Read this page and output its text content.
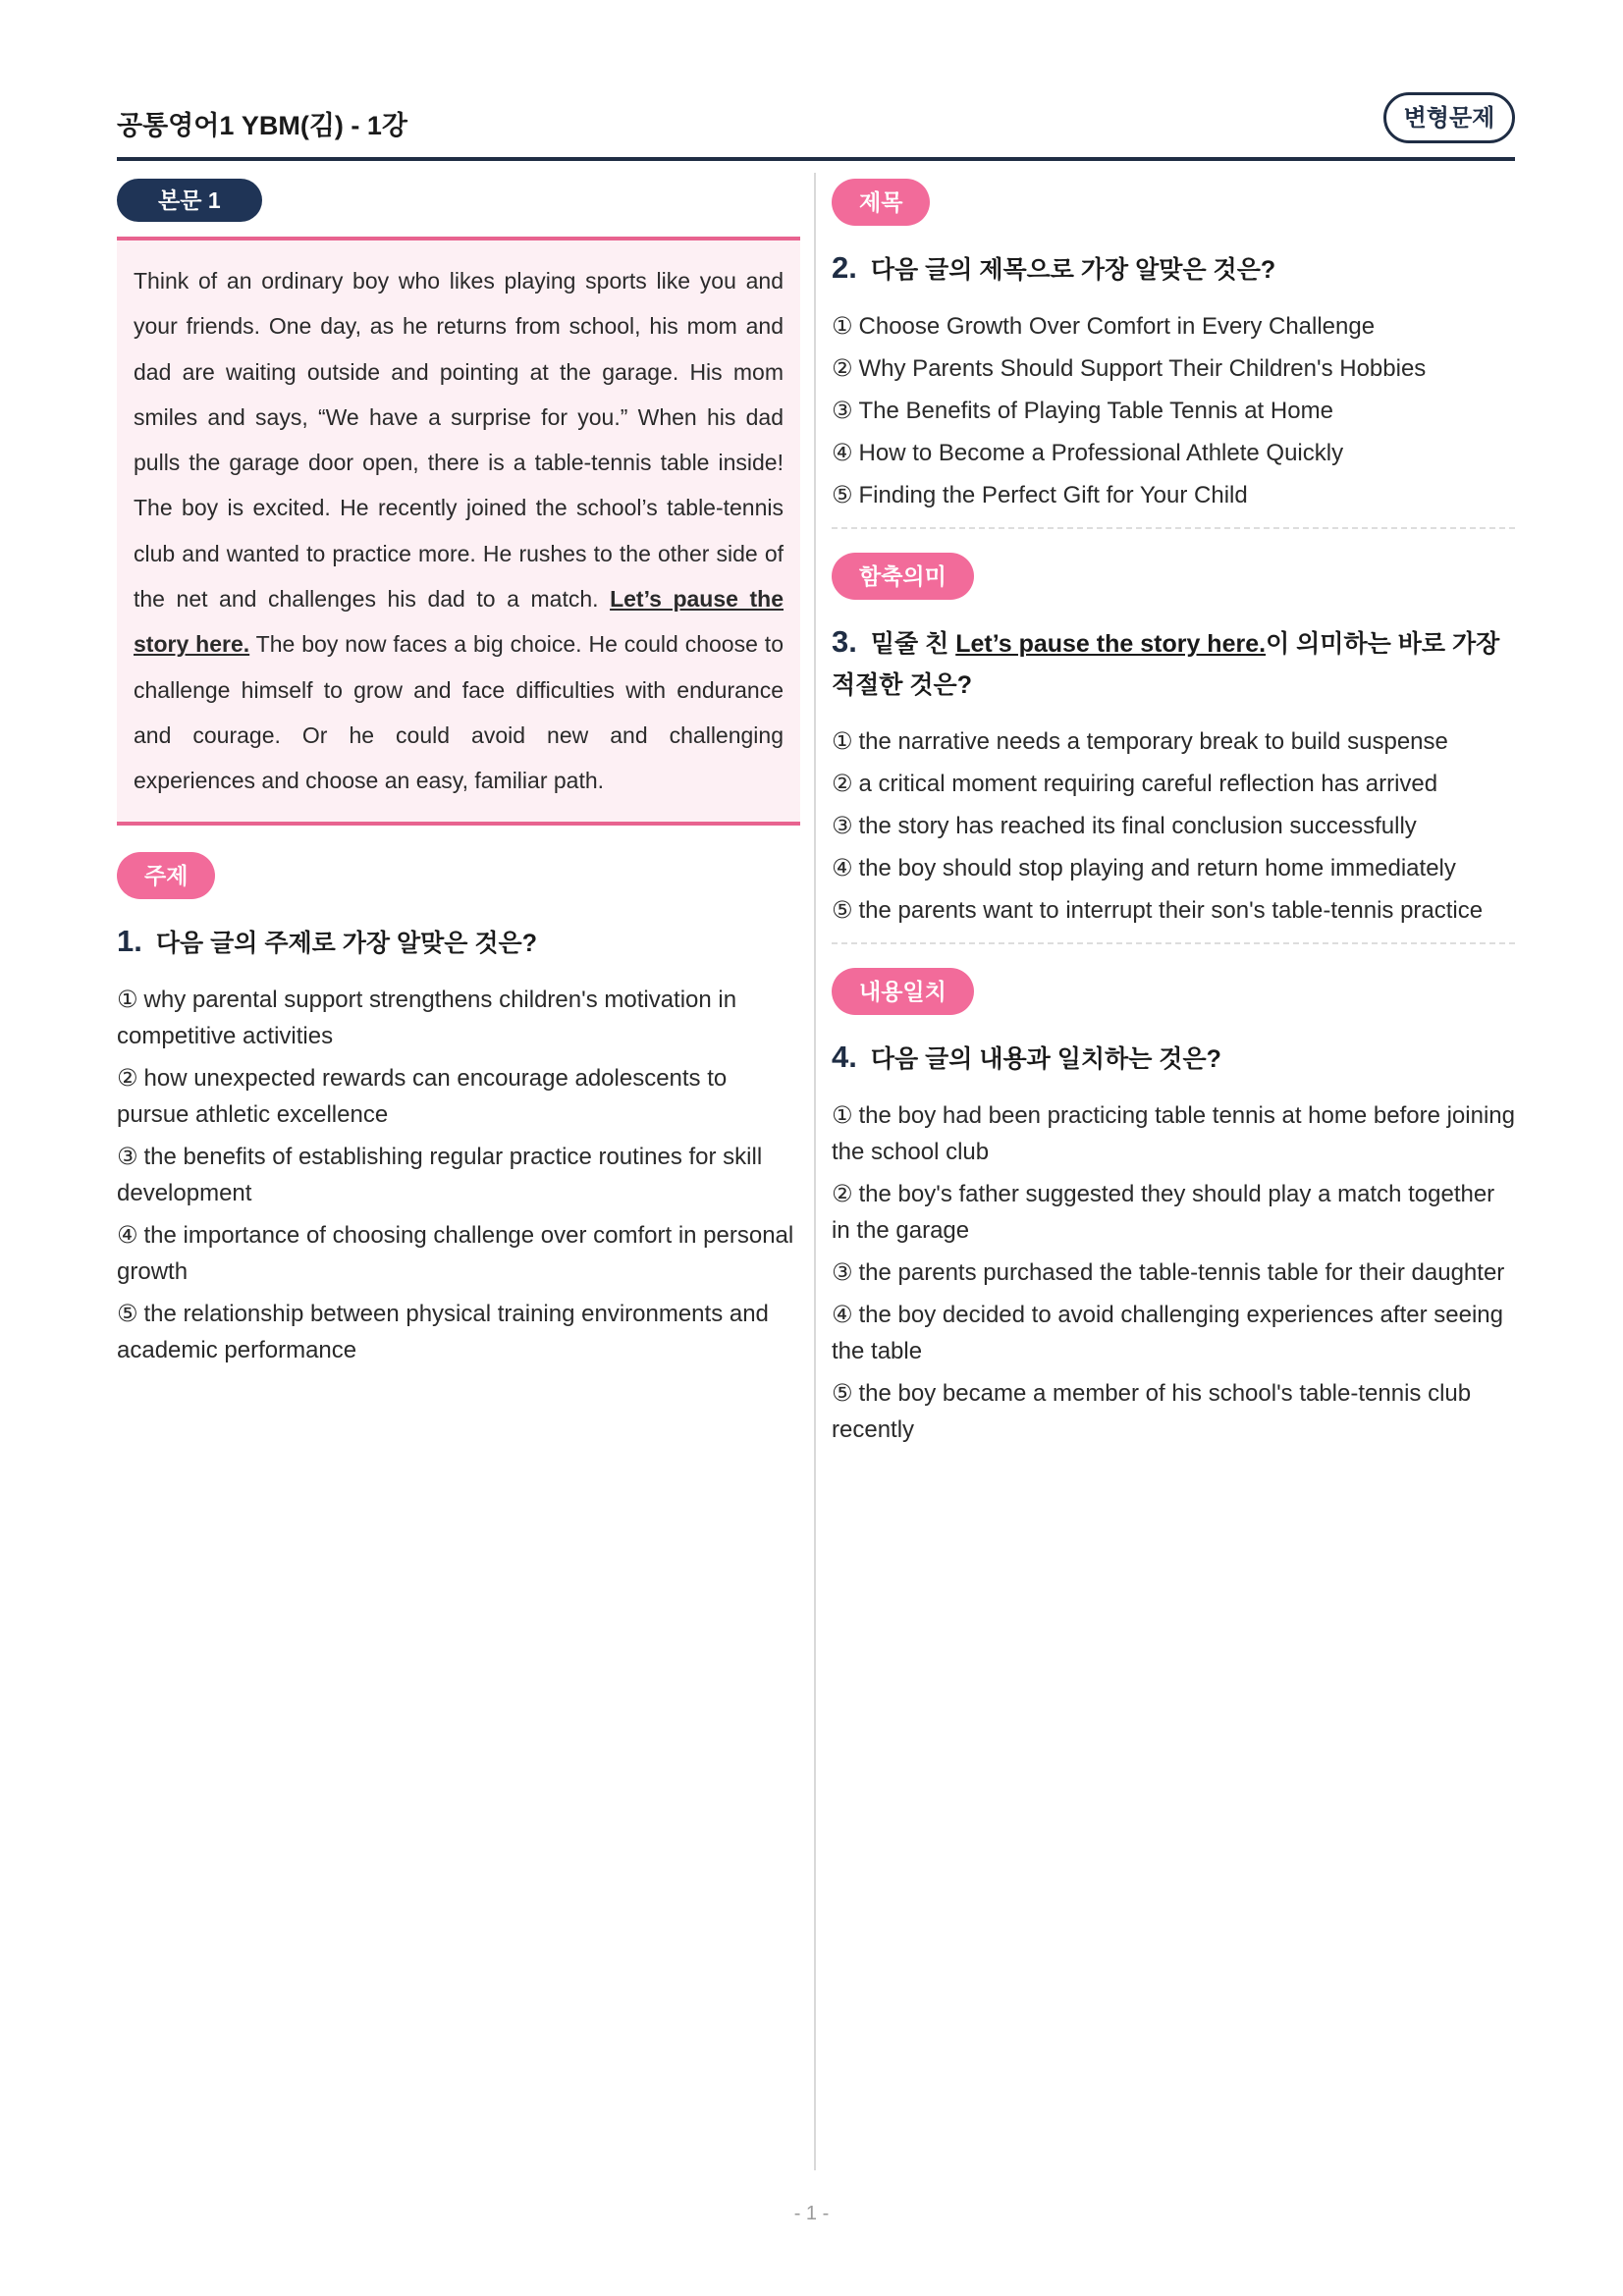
공통영어1 YBM(김) - 1강	변형문제
본문 1
Think of an ordinary boy who likes playing sports like you and your friends. One day, as he returns from school, his mom and dad are waiting outside and pointing at the garage. His mom smiles and says, “We have a surprise for you.” When his dad pulls the garage door open, there is a table-tennis table inside! The boy is excited. He recently joined the school’s table-tennis club and wanted to practice more. He rushes to the other side of the net and challenges his dad to a match. Let’s pause the story here. The boy now faces a big choice. He could choose to challenge himself to grow and face difficulties with endurance and courage. Or he could avoid new and challenging experiences and choose an easy, familiar path.
주제
1. 다음 글의 주제로 가장 알맞은 것은?
① why parental support strengthens children's motivation in competitive activities
② how unexpected rewards can encourage adolescents to pursue athletic excellence
③ the benefits of establishing regular practice routines for skill development
④ the importance of choosing challenge over comfort in personal growth
⑤ the relationship between physical training environments and academic performance
제목
2. 다음 글의 제목으로 가장 알맞은 것은?
① Choose Growth Over Comfort in Every Challenge
② Why Parents Should Support Their Children's Hobbies
③ The Benefits of Playing Table Tennis at Home
④ How to Become a Professional Athlete Quickly
⑤ Finding the Perfect Gift for Your Child
함축의미
3. 밑줄 친 Let’s pause the story here.이 의미하는 바로 가장 적절한 것은?
① the narrative needs a temporary break to build suspense
② a critical moment requiring careful reflection has arrived
③ the story has reached its final conclusion successfully
④ the boy should stop playing and return home immediately
⑤ the parents want to interrupt their son's table-tennis practice
내용일치
4. 다음 글의 내용과 일치하는 것은?
① the boy had been practicing table tennis at home before joining the school club
② the boy's father suggested they should play a match together in the garage
③ the parents purchased the table-tennis table for their daughter
④ the boy decided to avoid challenging experiences after seeing the table
⑤ the boy became a member of his school's table-tennis club recently
- 1 -
